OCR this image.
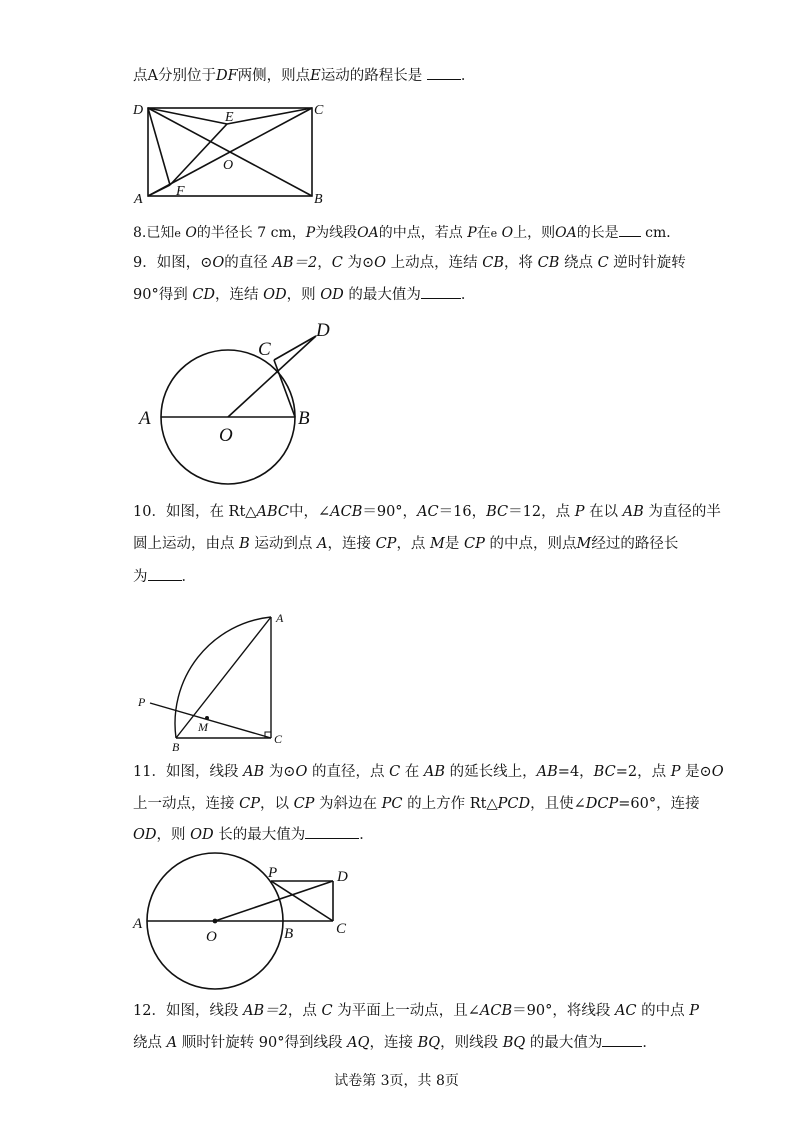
点A分别位于DF两侧，则点E运动的路程长是	．
D	E	C
O
A
F
B
D
C
A
O
B
A
P
M
B
C
P	D
A
O	B	C
8.已知e O的半径长 7 cm，P为线段OA的中点，若点 P在e O上，则OA的长是 cm．
9．如图，⊙O的直径 AB＝2，C 为⊙O 上动点，连结 CB，将 CB 绕点 C 逆时针旋转
90°得到 CD，连结 OD，则 OD 的最大值为	．
10．如图，在 Rt△ABC中，∠ACB＝90°，AC＝16，BC＝12，点 P 在以 AB 为直径的半
圆上运动，由点 B 运动到点 A，连接 CP，点 M是 CP 的中点，则点M经过的路径长
为 ．
11．如图，线段 AB 为⊙O 的直径，点 C 在 AB 的延长线上，AB=4，BC=2，点 P 是⊙O
上一动点，连接 CP，以 CP 为斜边在 PC 的上方作 Rt△PCD，且使∠DCP=60°，连接
OD，则 OD 长的最大值为	．
12．如图，线段 AB＝2，点 C 为平面上一动点，且∠ACB＝90°，将线段 AC 的中点 P
绕点 A 顺时针旋转 90°得到线段 AQ，连接 BQ，则线段 BQ 的最大值为	．
试卷第 3页，共 8页
